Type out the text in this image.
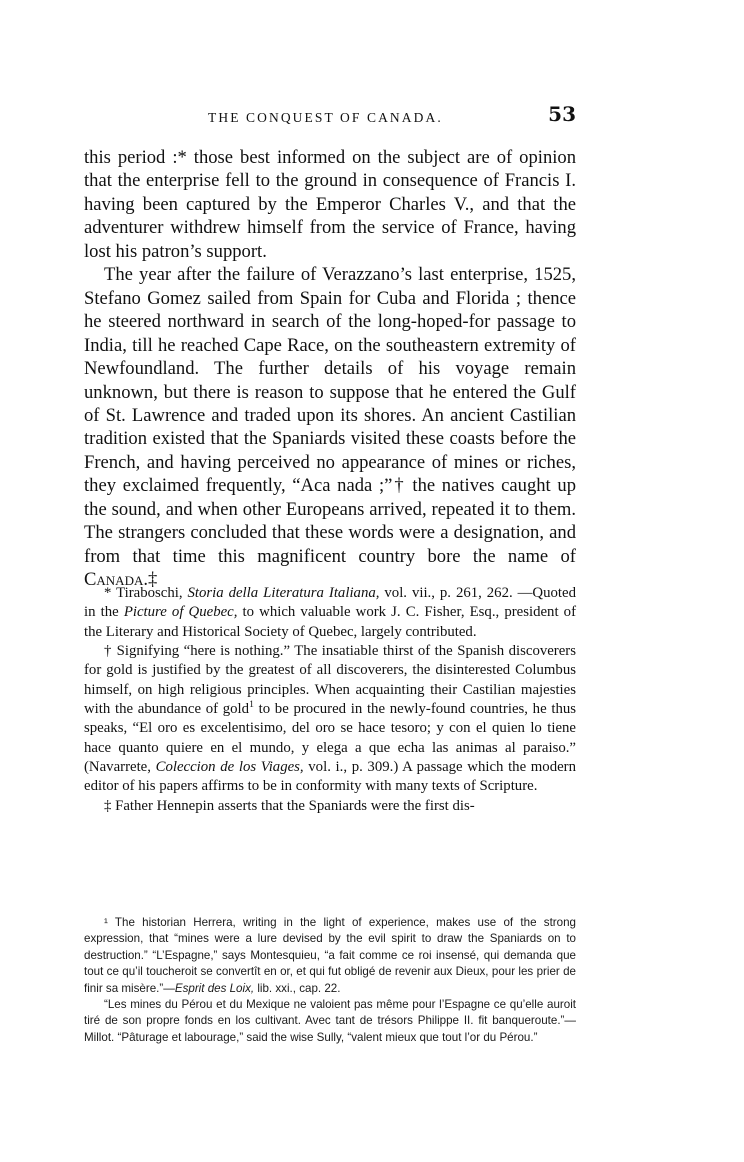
THE CONQUEST OF CANADA.	53

this period :* those best informed on the subject are of opinion that the enterprise fell to the ground in consequence of Francis I. having been captured by the Emperor Charles V., and that the adventurer withdrew himself from the service of France, having lost his patron’s support.

The year after the failure of Verazzano’s last enterprise, 1525, Stefano Gomez sailed from Spain for Cuba and Florida ; thence he steered northward in search of the long-hoped-for passage to India, till he reached Cape Race, on the southeastern extremity of Newfoundland. The further details of his voyage remain unknown, but there is reason to suppose that he entered the Gulf of St. Lawrence and traded upon its shores. An ancient Castilian tradition existed that the Spaniards visited these coasts before the French, and having perceived no appearance of mines or riches, they exclaimed frequently, “Aca nada ;”† the natives caught up the sound, and when other Europeans arrived, repeated it to them. The strangers concluded that these words were a designation, and from that time this magnificent country bore the name of Canada.‡

* Tiraboschi, Storia della Literatura Italiana, vol. vii., p. 261, 262. —Quoted in the Picture of Quebec, to which valuable work J. C. Fisher, Esq., president of the Literary and Historical Society of Quebec, largely contributed.

† Signifying “here is nothing.” The insatiable thirst of the Spanish discoverers for gold is justified by the greatest of all discoverers, the disinterested Columbus himself, on high religious principles. When acquainting their Castilian majesties with the abundance of gold$^1$ to be procured in the newly-found countries, he thus speaks, “El oro es excelentisimo, del oro se hace tesoro; y con el quien lo tiene hace quanto quiere en el mundo, y elega a que echa las animas al paraiso.” (Navarrete, Coleccion de los Viages, vol. i., p. 309.) A passage which the modern editor of his papers affirms to be in conformity with many texts of Scripture.

‡ Father Hennepin asserts that the Spaniards were the first dis-

¹ The historian Herrera, writing in the light of experience, makes use of the strong expression, that “mines were a lure devised by the evil spirit to draw the Spaniards on to destruction.” “L’Espagne,” says Montesquieu, “a fait comme ce roi insensé, qui demanda que tout ce qu’il toucheroit se convertît en or, et qui fut obligé de revenir aux Dieux, pour les prier de finir sa misère.”—Esprit des Loix, lib. xxi., cap. 22.

“Les mines du Pérou et du Mexique ne valoient pas même pour l’Espagne ce qu’elle auroit tiré de son propre fonds en los cultivant. Avec tant de trésors Philippe II. fit banqueroute.”—Millot. “Pâturage et labourage,” said the wise Sully, “valent mieux que tout l’or du Pérou.”
